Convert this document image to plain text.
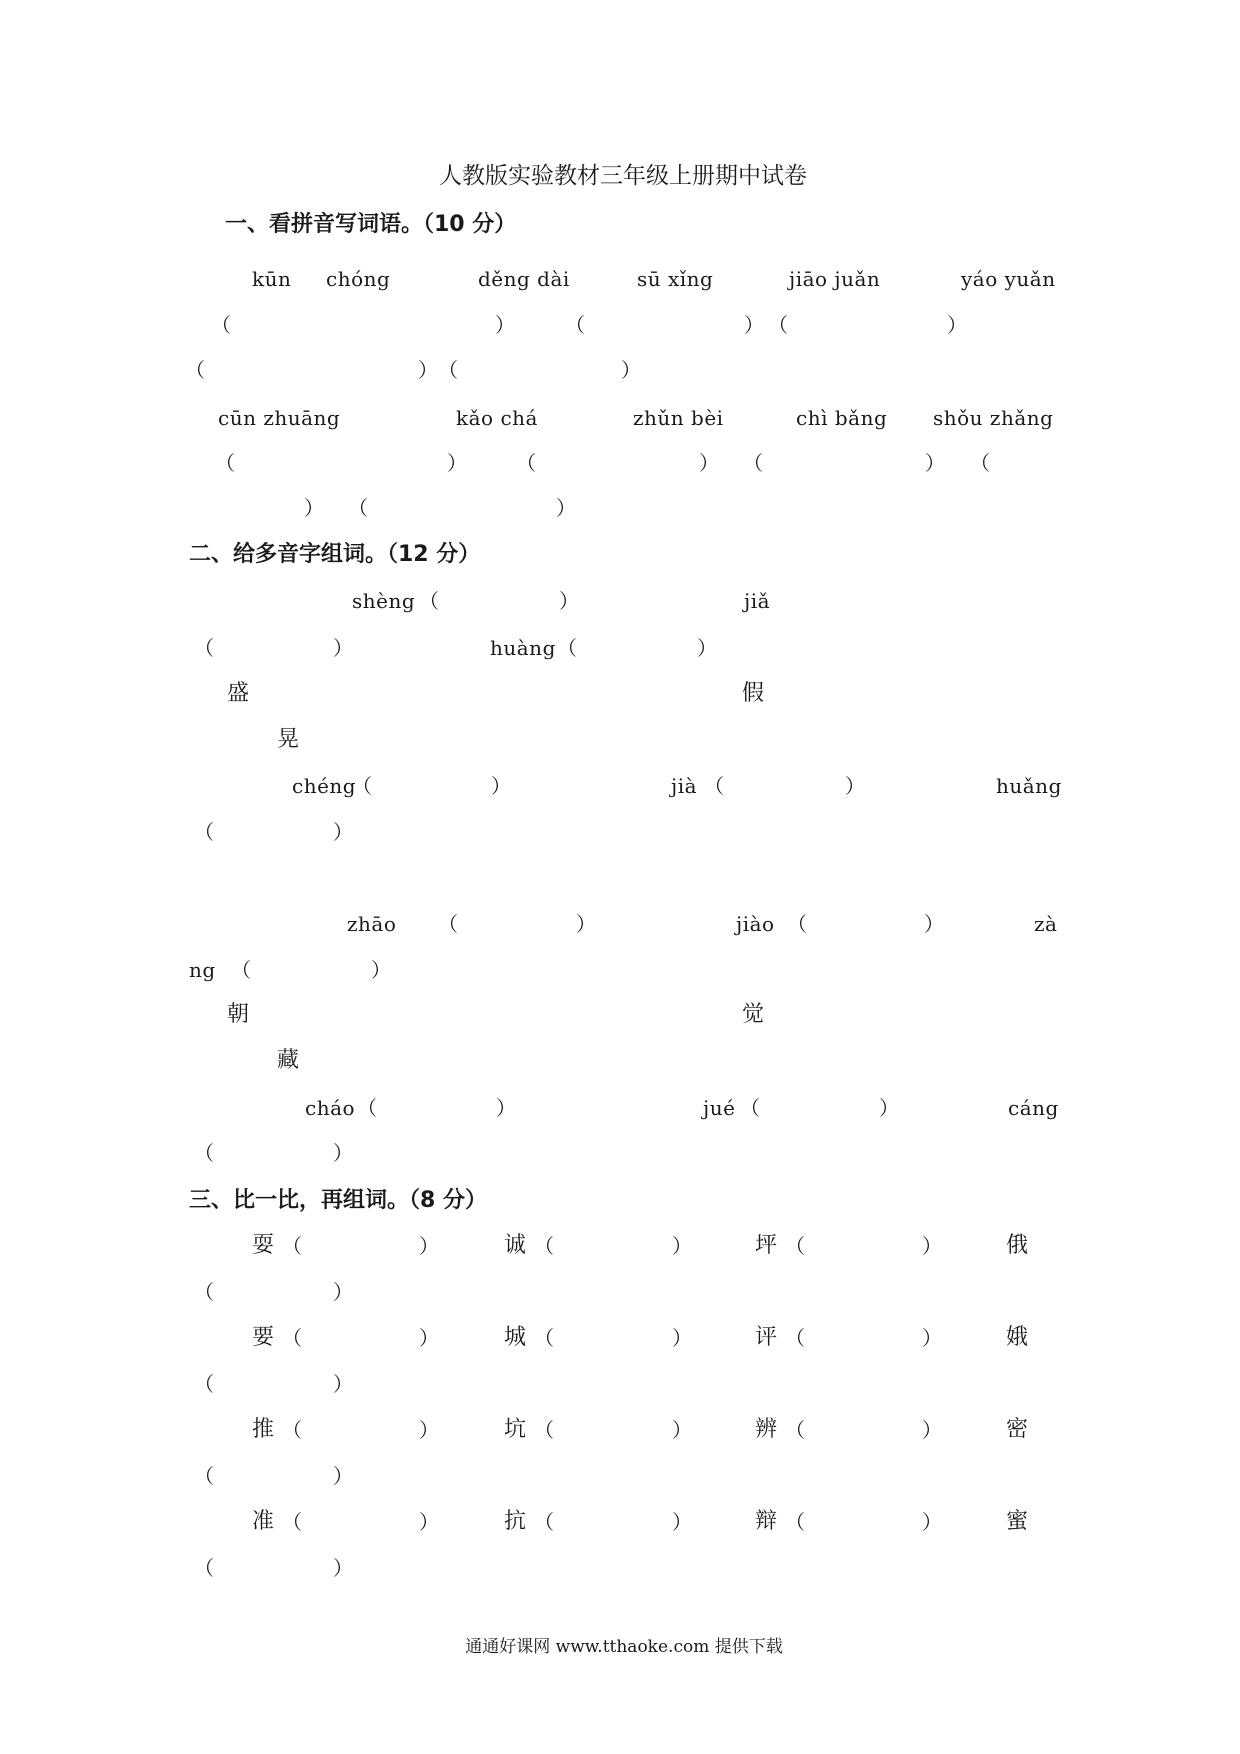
人教版实验教材三年级上册期中试卷
一、看拼音写词语。（10 分）
kūn chóng	děng dài	sū xǐng	jiāo juǎn	yáo yuǎn
（	）	（	） （	）
（	） （	）
cūn zhuāng	kǎo chá	zhǔn bèi	chì bǎng shǒu zhǎng
（	） （	） （	） （
） （	）
二、给多音字组词。（12 分）
shèng （	）	jiǎ
（	）	huàng （	）
盛	假
晃
chéng
（	）	jià （	）	huǎng
（	）
zhāo （	）	jiào （	）	zà
ng （	）
朝	觉
藏
cháo （	）	jué （	）	cáng
（	）
三、比一比，再组词。（8 分）
耍 （	）	诚 （	）	坪 （	）	俄
（	）
要 （	）	城 （	）	评 （	）	娥
（	）
推 （	）	坑 （	）	辨 （	）	密
（	）
准 （	）	抗 （	）	辩 （	）	蜜
（	）
通通好课网 www.tthaoke.com 提供下载
